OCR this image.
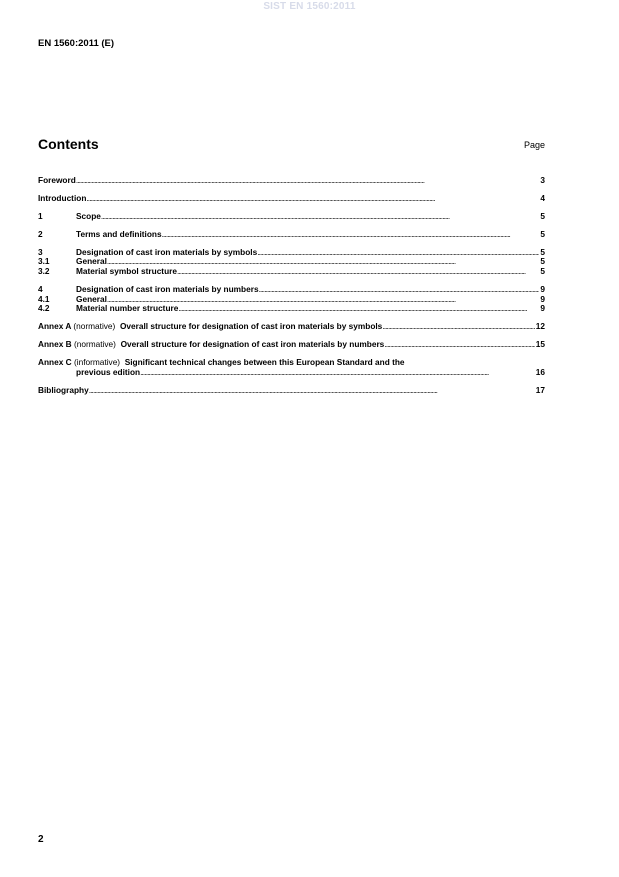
SIST EN 1560:2011
EN 1560:2011 (E)
Contents	Page
Foreword . . .	3
Introduction . . .	4
1	Scope . . .	5
2	Terms and definitions . . .	5
3	Designation of cast iron materials by symbols . . .	5
3.1	General . . .	5
3.2	Material symbol structure . . .	5
4	Designation of cast iron materials by numbers . . .	9
4.1	General . . .	9
4.2	Material number structure . . .	9
Annex A (normative) Overall structure for designation of cast iron materials by symbols . . .	12
Annex B (normative) Overall structure for designation of cast iron materials by numbers . . .	15
Annex C (informative) Significant technical changes between this European Standard and the
previous edition . . .	16
Bibliography . . .	17
2
